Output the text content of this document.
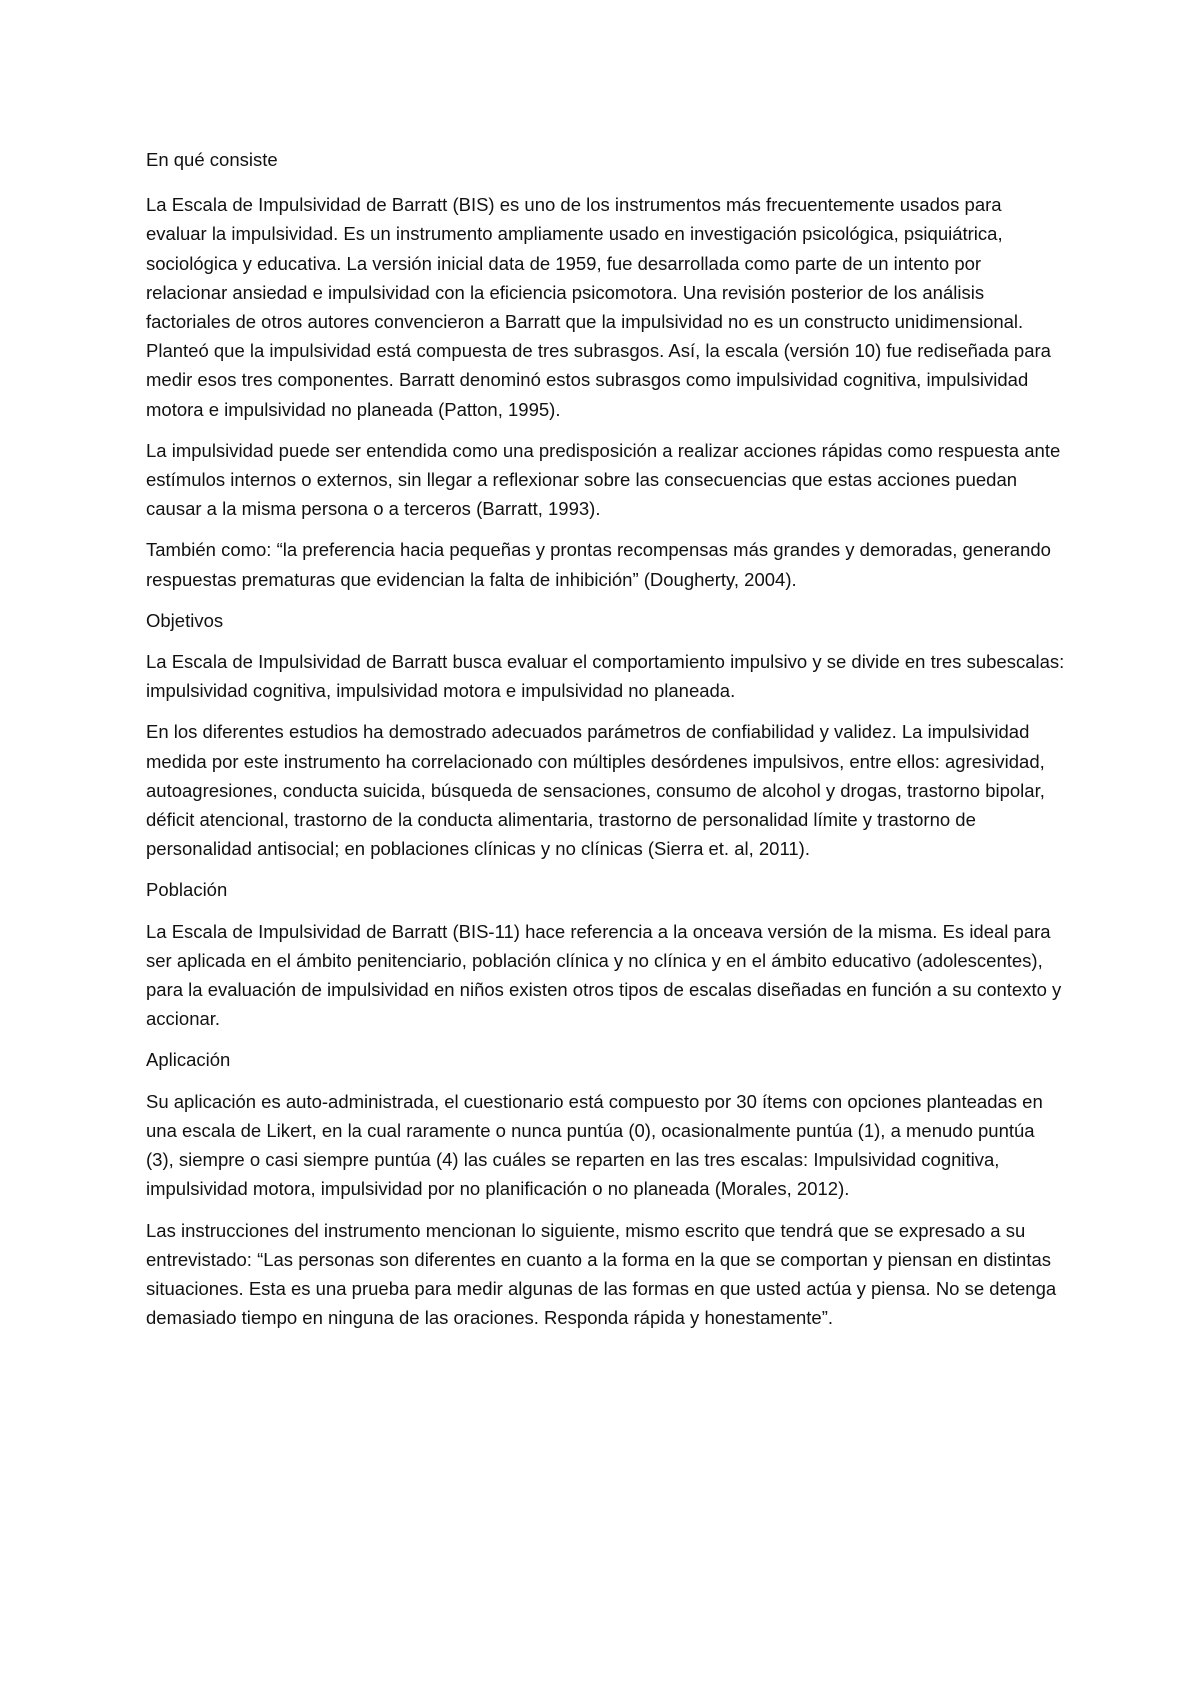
En qué consiste

La Escala de Impulsividad de Barratt (BIS) es uno de los instrumentos más frecuentemente usados para evaluar la impulsividad. Es un instrumento ampliamente usado en investigación psicológica, psiquiátrica, sociológica y educativa. La versión inicial data de 1959, fue desarrollada como parte de un intento por relacionar ansiedad e impulsividad con la eficiencia psicomotora. Una revisión posterior de los análisis factoriales de otros autores convencieron a Barratt que la impulsividad no es un constructo unidimensional. Planteó que la impulsividad está compuesta de tres subrasgos. Así, la escala (versión 10) fue rediseñada para medir esos tres componentes. Barratt denominó estos subrasgos como impulsividad cognitiva, impulsividad motora e impulsividad no planeada (Patton, 1995).

La impulsividad puede ser entendida como una predisposición a realizar acciones rápidas como respuesta ante estímulos internos o externos, sin llegar a reflexionar sobre las consecuencias que estas acciones puedan causar a la misma persona o a terceros (Barratt, 1993).

También como: “la preferencia hacia pequeñas y prontas recompensas más grandes y demoradas, generando respuestas prematuras que evidencian la falta de inhibición” (Dougherty, 2004).

Objetivos

La Escala de Impulsividad de Barratt busca evaluar el comportamiento impulsivo y se divide en tres subescalas: impulsividad cognitiva, impulsividad motora e impulsividad no planeada.

En los diferentes estudios ha demostrado adecuados parámetros de confiabilidad y validez. La impulsividad medida por este instrumento ha correlacionado con múltiples desórdenes impulsivos, entre ellos: agresividad, autoagresiones, conducta suicida, búsqueda de sensaciones, consumo de alcohol y drogas, trastorno bipolar, déficit atencional, trastorno de la conducta alimentaria, trastorno de personalidad límite y trastorno de personalidad antisocial; en poblaciones clínicas y no clínicas (Sierra et. al, 2011).

Población

La Escala de Impulsividad de Barratt (BIS-11) hace referencia a la onceava versión de la misma. Es ideal para ser aplicada en el ámbito penitenciario, población clínica y no clínica y en el ámbito educativo (adolescentes), para la evaluación de impulsividad en niños existen otros tipos de escalas diseñadas en función a su contexto y accionar.

Aplicación

Su aplicación es auto-administrada, el cuestionario está compuesto por 30 ítems con opciones planteadas en una escala de Likert, en la cual raramente o nunca puntúa (0), ocasionalmente puntúa (1), a menudo puntúa (3), siempre o casi siempre puntúa (4) las cuáles se reparten en las tres escalas: Impulsividad cognitiva, impulsividad motora, impulsividad por no planificación o no planeada (Morales, 2012).

Las instrucciones del instrumento mencionan lo siguiente, mismo escrito que tendrá que se expresado a su entrevistado: “Las personas son diferentes en cuanto a la forma en la que se comportan y piensan en distintas situaciones. Esta es una prueba para medir algunas de las formas en que usted actúa y piensa. No se detenga demasiado tiempo en ninguna de las oraciones. Responda rápida y honestamente”.
